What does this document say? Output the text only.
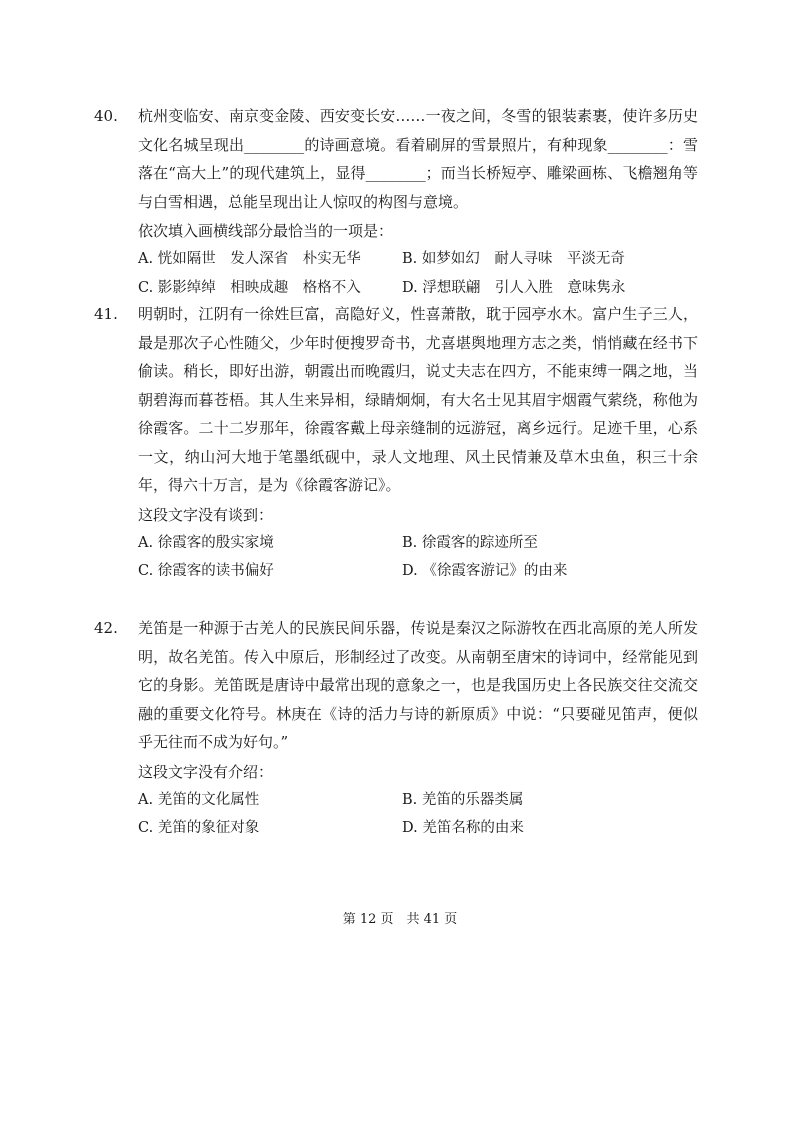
40. 杭州变临安、南京变金陵、西安变长安……一夜之间，冬雪的银装素裹，使许多历史文化名城呈现出________的诗画意境。看着刷屏的雪景照片，有种现象________：雪落在“高大上”的现代建筑上，显得________；而当长桥短亭、雕梁画栋、飞檐翘角等与白雪相遇，总能呈现出让人惊叹的构图与意境。
依次填入画横线部分最恰当的一项是：
A. 恍如隔世　发人深省　朴实无华	B. 如梦如幻　耐人寻味　平淡无奇
C. 影影绰绰　相映成趣　格格不入	D. 浮想联翩　引人入胜　意味隽永
41. 明朝时，江阴有一徐姓巨富，高隐好义，性喜萧散，耽于园亭水木。富户生子三人，最是那次子心性随父，少年时便搜罗奇书，尤喜堪舆地理方志之类，悄悄藏在经书下偷读。稍长，即好出游，朝霞出而晚霞归，说丈夫志在四方，不能束缚一隅之地，当朝碧海而暮苍梧。其人生来异相，绿睛炯炯，有大名士见其眉宇烟霞气萦绕，称他为徐霞客。二十二岁那年，徐霞客戴上母亲缝制的远游冠，离乡远行。足迹千里，心系一文，纳山河大地于笔墨纸砚中，录人文地理、风土民情兼及草木虫鱼，积三十余年，得六十万言，是为《徐霞客游记》。
这段文字没有谈到：
A. 徐霞客的殷实家境	B. 徐霞客的踪迹所至
C. 徐霞客的读书偏好	D. 《徐霞客游记》的由来
42. 羌笛是一种源于古羌人的民族民间乐器，传说是秦汉之际游牧在西北高原的羌人所发明，故名羌笛。传入中原后，形制经过了改变。从南朝至唐宋的诗词中，经常能见到它的身影。羌笛既是唐诗中最常出现的意象之一，也是我国历史上各民族交往交流交融的重要文化符号。林庚在《诗的活力与诗的新原质》中说：“只要碰见笛声，便似乎无往而不成为好句。”
这段文字没有介绍：
A. 羌笛的文化属性	B. 羌笛的乐器类属
C. 羌笛的象征对象	D. 羌笛名称的由来
第 12 页　共 41 页
